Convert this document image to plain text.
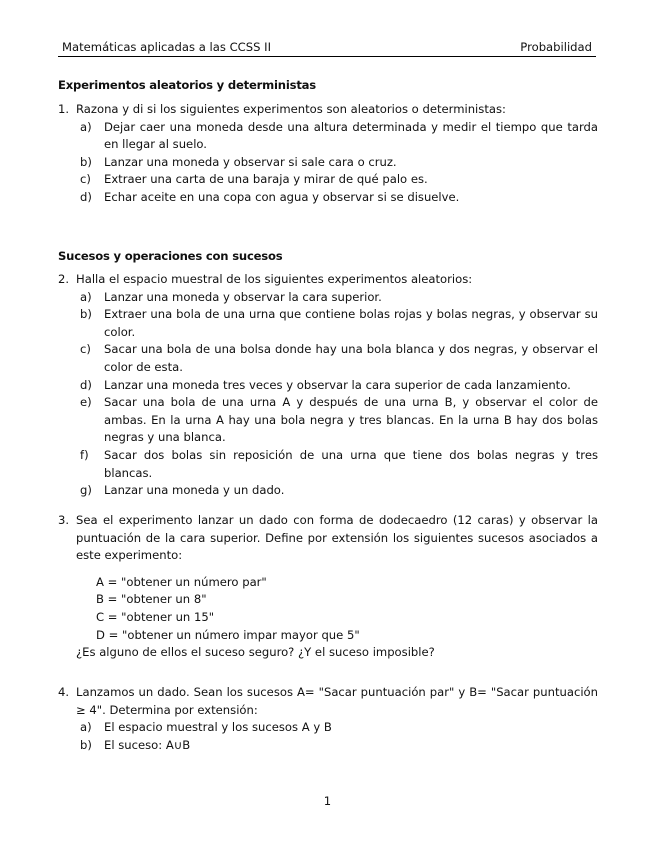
Matemáticas aplicadas a las CCSS II	Probabilidad
Experimentos aleatorios y deterministas
1. Razona y di si los siguientes experimentos son aleatorios o deterministas:
a) Dejar caer una moneda desde una altura determinada y medir el tiempo que tarda en llegar al suelo.
b) Lanzar una moneda y observar si sale cara o cruz.
c) Extraer una carta de una baraja y mirar de qué palo es.
d) Echar aceite en una copa con agua y observar si se disuelve.
Sucesos y operaciones con sucesos
2. Halla el espacio muestral de los siguientes experimentos aleatorios:
a) Lanzar una moneda y observar la cara superior.
b) Extraer una bola de una urna que contiene bolas rojas y bolas negras, y observar su color.
c) Sacar una bola de una bolsa donde hay una bola blanca y dos negras, y observar el color de esta.
d) Lanzar una moneda tres veces y observar la cara superior de cada lanzamiento.
e) Sacar una bola de una urna A y después de una urna B, y observar el color de ambas. En la urna A hay una bola negra y tres blancas. En la urna B hay dos bolas negras y una blanca.
f) Sacar dos bolas sin reposición de una urna que tiene dos bolas negras y tres blancas.
g) Lanzar una moneda y un dado.
3. Sea el experimento lanzar un dado con forma de dodecaedro (12 caras) y observar la puntuación de la cara superior. Define por extensión los siguientes sucesos asociados a este experimento:
A = "obtener un número par"
B = "obtener un 8"
C = "obtener un 15"
D = "obtener un número impar mayor que 5"
¿Es alguno de ellos el suceso seguro? ¿Y el suceso imposible?
4. Lanzamos un dado. Sean los sucesos A= "Sacar puntuación par" y B= "Sacar puntuación ≥ 4". Determina por extensión:
a) El espacio muestral y los sucesos A y B
b) El suceso: A∪B
1
